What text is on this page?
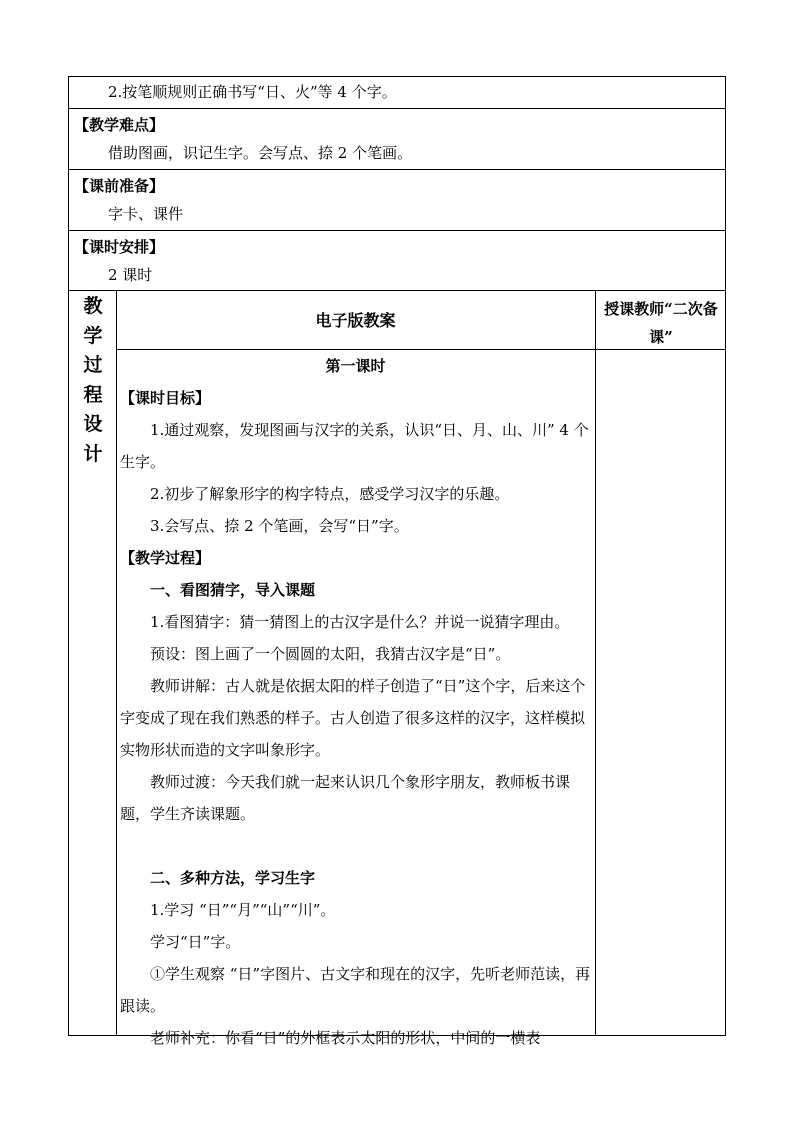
2.按笔顺规则正确书写“日、火”等 4 个字。
【教学难点】
借助图画，识记生字。会写点、捺 2 个笔画。
【课前准备】
字卡、课件
【课时安排】
2 课时
教
学
过
程
设
计
电子版教案
授课教师“二次备课”
第一课时

【课时目标】

1.通过观察，发现图画与汉字的关系，认识“日、月、山、川” 4 个生字。

2.初步了解象形字的构字特点，感受学习汉字的乐趣。

3.会写点、捺 2 个笔画，会写“日”字。

【教学过程】

一、看图猜字，导入课题

1.看图猜字：猜一猜图上的古汉字是什么？并说一说猜字理由。

预设：图上画了一个圆圆的太阳，我猜古汉字是“日”。

教师讲解：古人就是依据太阳的样子创造了“日”这个字，后来这个字变成了现在我们熟悉的样子。古人创造了很多这样的汉字，这样模拟实物形状而造的文字叫象形字。

教师过渡：今天我们就一起来认识几个象形字朋友，教师板书课题，学生齐读课题。

二、多种方法，学习生字

1.学习 “日”“月”“山”“川”。

学习“日”字。

①学生观察 “日”字图片、古文字和现在的汉字，先听老师范读，再跟读。

老师补充：你看“日”的外框表示太阳的形状，中间的一横表
